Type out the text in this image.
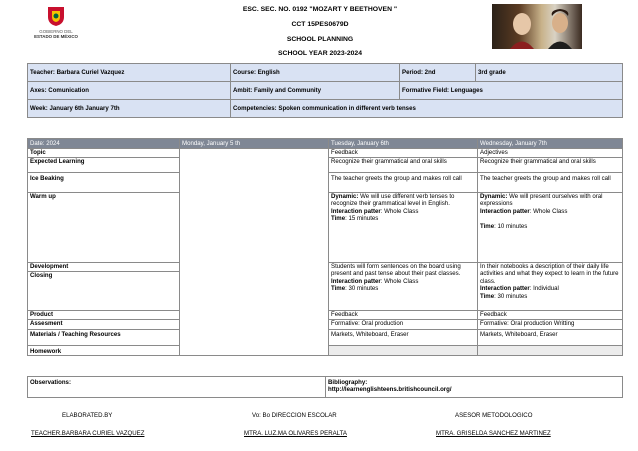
GOBIERNO DEL
ESTADO DE MÉXICO
ESC. SEC. NO. 0192 "MOZART Y BEETHOVEN "
CCT 15PES0679D
SCHOOL PLANNING
SCHOOL YEAR 2023-2024
Teacher: Barbara Curiel Vazquez	Course: English	Period: 2nd	3rd grade
Axes: Comunication	Ambit: Family and Community	Formative Field: Lenguages	
Week: January 6th January 7th	Competencies: Spoken communication in different verb tenses		
Date: 2024	Monday, January 5 th	Tuesday, January 6th	Wednesday, January 7th
Topic		Feedback	Adjectives
Expected Learning		Recognize their grammatical and oral skills	Recognize their grammatical and oral skills
Ice Beaking		The teacher greets the group and makes roll call	The teacher greets the group and makes roll call
Warm up		Dynamic: We will use different verb tenses to recognize their grammatical level in English.
Interaction patter: Whole Class
Time: 15 minutes	Dynamic: We will present ourselves with oral expressions
Interaction patter: Whole Class

Time: 10 minutes
Development		Students will form sentences on the board using present and past tense about their past classes.
Interaction patter: Whole Class
Time: 30 minutes	In their notebooks a description of their daily life activities and what they expect to learn in the future class.
Interaction patter: Individual
Time: 30 minutes
Closing			
Product		Feedback	Feedback
Assesment		Formative: Oral production	Formative: Oral production Writting
Materials / Teaching Resources		Markets, Whiteboard, Eraser	Markets, Whiteboard, Eraser
Homework			
Observations:	Bibliography:
http://learnenglishteens.britishcouncil.org/
ELABORATED.BY
TEACHER.BARBARA CURIEL VAZQUEZ
Vo: Bo DIRECCION ESCOLAR
MTRA. LUZ.MA OLIVARES PERALTA
ASESOR METODOLOGICO
MTRA. GRISELDA SANCHEZ MARTINEZ
